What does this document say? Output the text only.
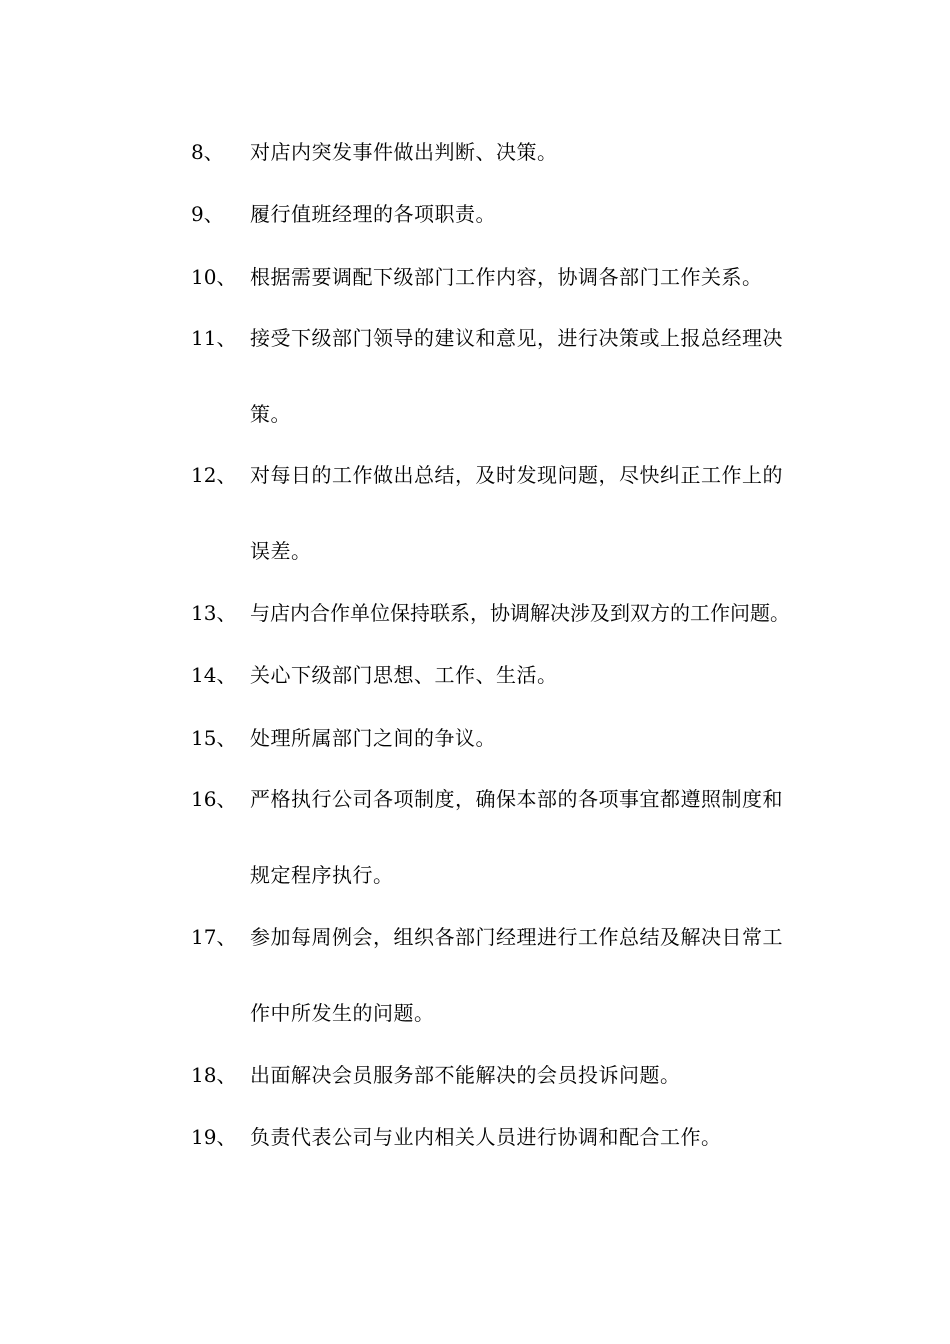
8、 对店内突发事件做出判断、决策。
9、 履行值班经理的各项职责。
10、 根据需要调配下级部门工作内容，协调各部门工作关系。
11、 接受下级部门领导的建议和意见，进行决策或上报总经理决
策。
12、 对每日的工作做出总结，及时发现问题，尽快纠正工作上的
误差。
13、 与店内合作单位保持联系，协调解决涉及到双方的工作问题。
14、 关心下级部门思想、工作、生活。
15、 处理所属部门之间的争议。
16、 严格执行公司各项制度，确保本部的各项事宜都遵照制度和
规定程序执行。
17、 参加每周例会，组织各部门经理进行工作总结及解决日常工
作中所发生的问题。
18、 出面解决会员服务部不能解决的会员投诉问题。
19、 负责代表公司与业内相关人员进行协调和配合工作。
